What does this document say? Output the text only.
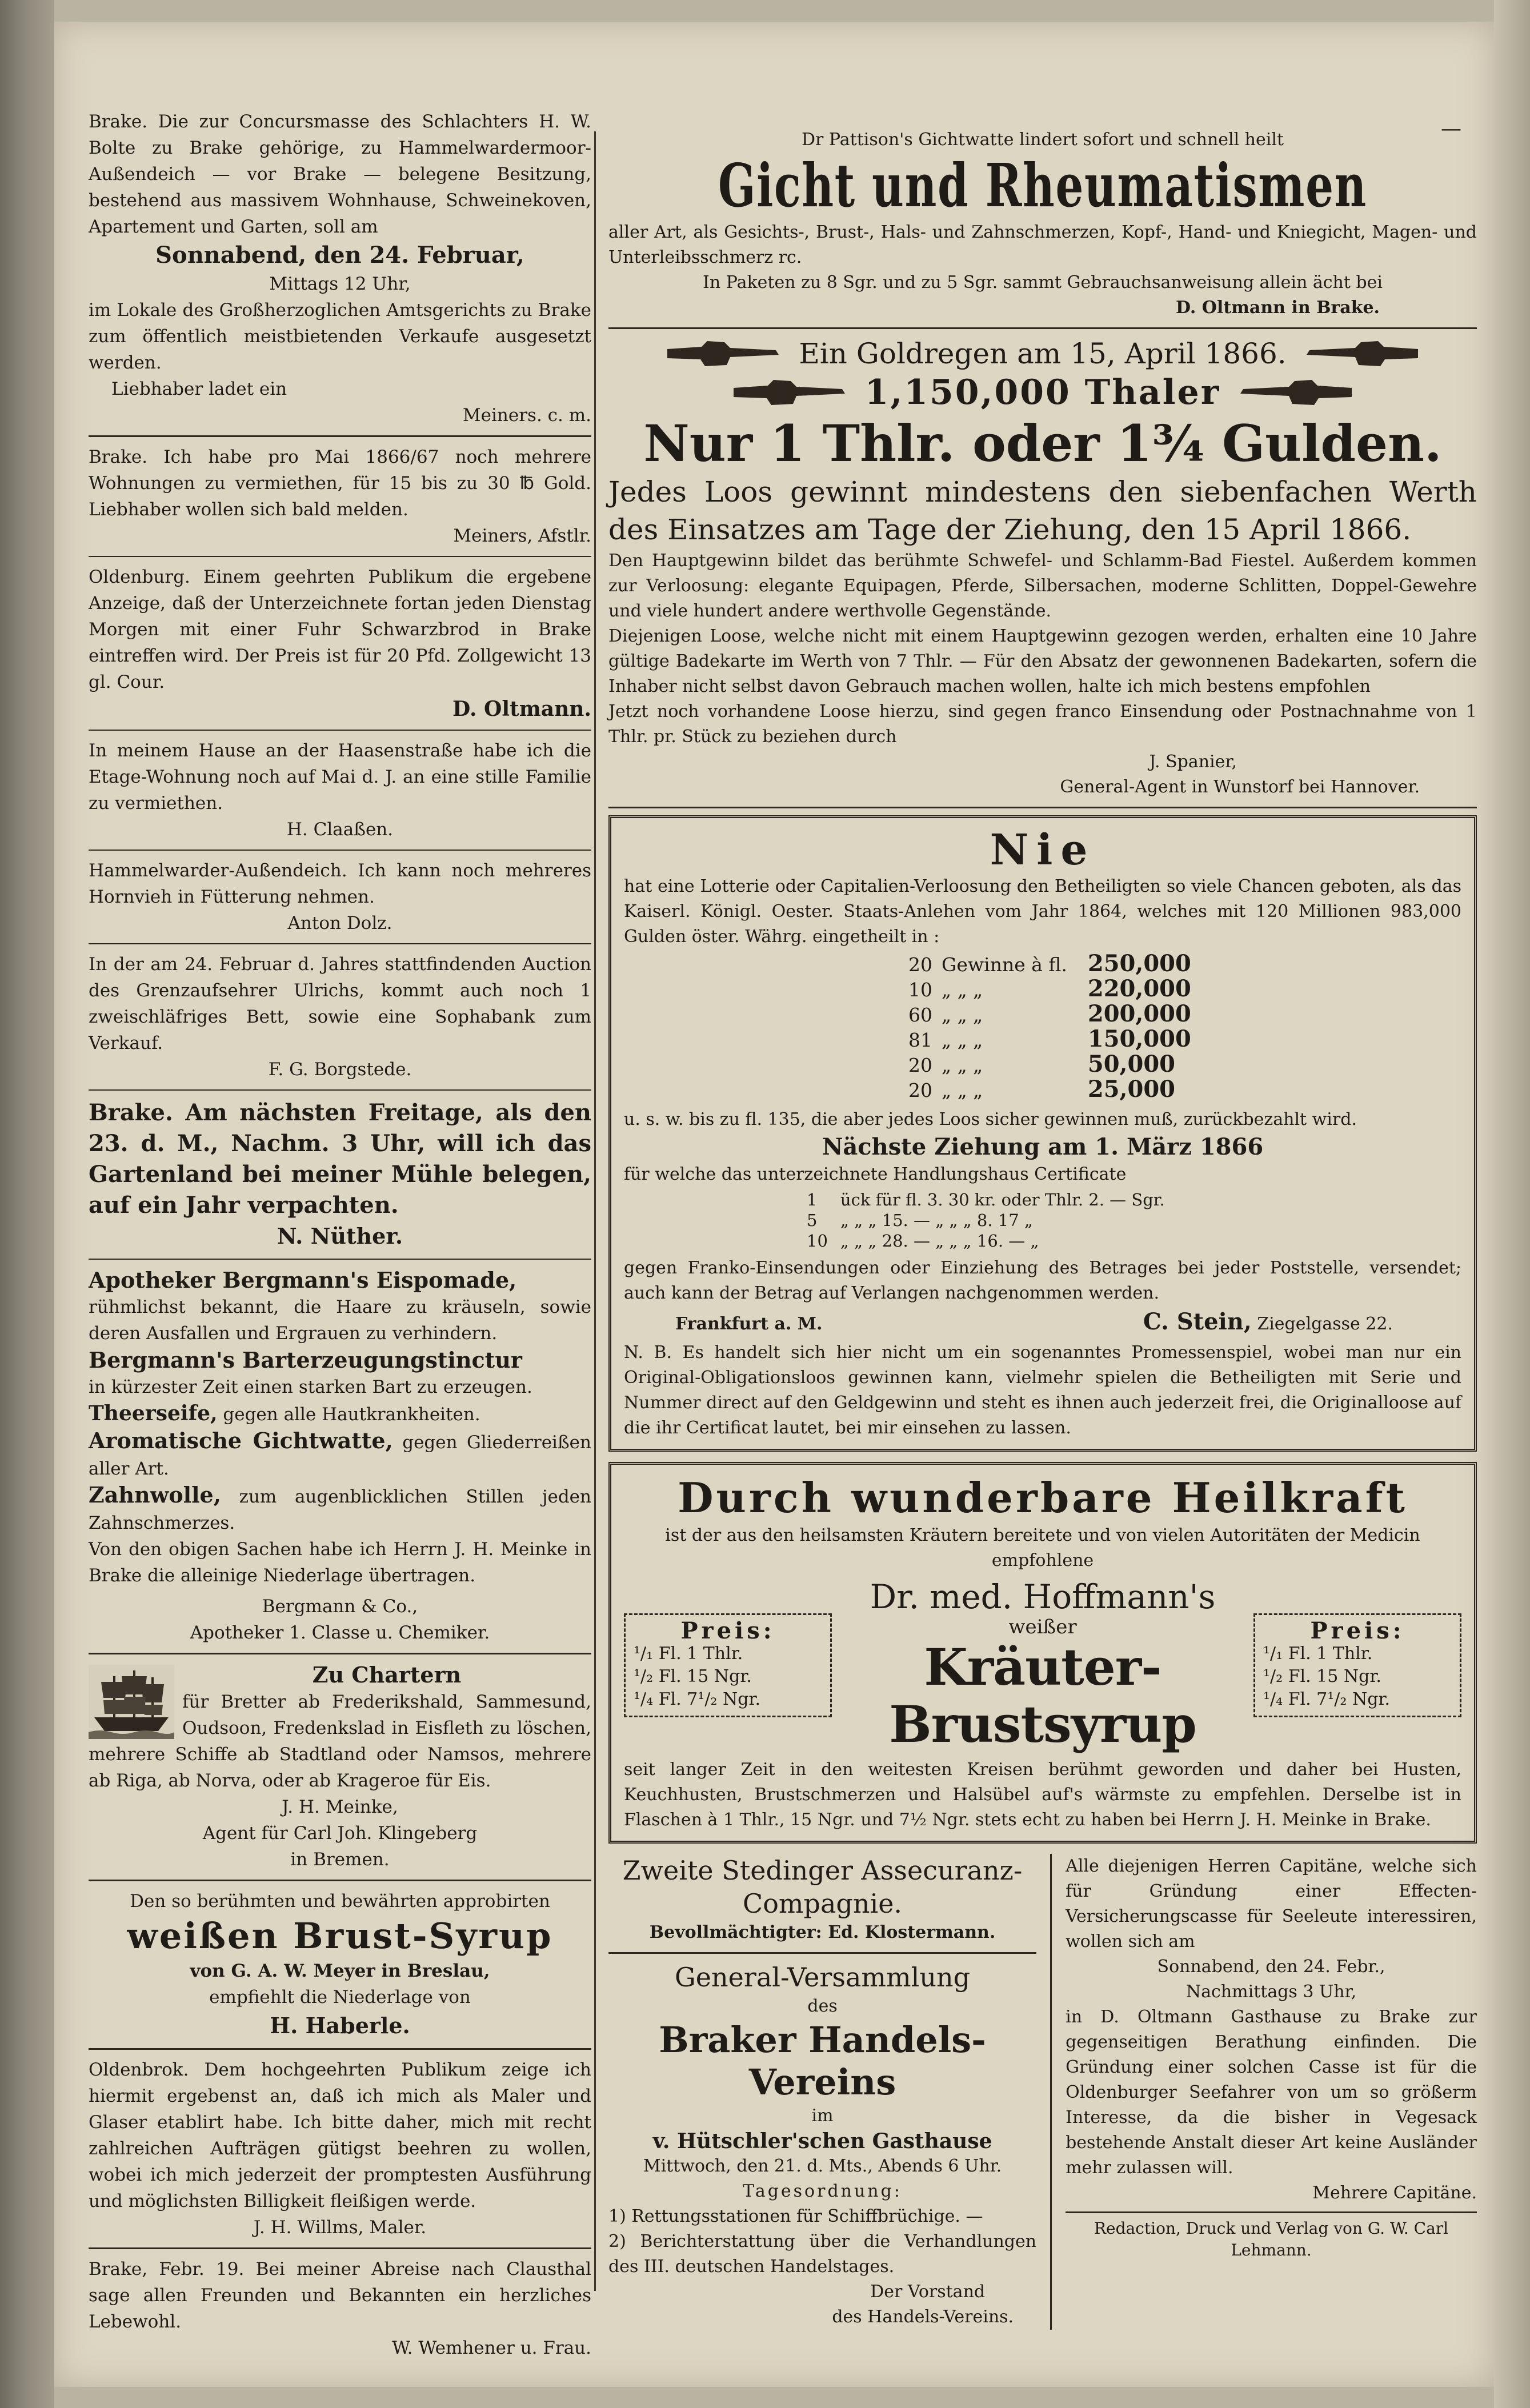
—

Brake. Die zur Concursmasse des Schlachters H. W. Bolte zu Brake gehörige, zu Hammelwardermoor-Außendeich — vor Brake — belegene Besitzung, bestehend aus massivem Wohnhause, Schweinekoven, Apartement und Garten, soll am

Sonnabend, den 24. Februar,

Mittags 12 Uhr,

im Lokale des Großherzoglichen Amtsgerichts zu Brake zum öffentlich meistbietenden Verkaufe ausgesetzt werden.

Liebhaber ladet ein

Meiners. c. m.

Brake. Ich habe pro Mai 1866/67 noch mehrere Wohnungen zu vermiethen, für 15 bis zu 30 ℔ Gold. Liebhaber wollen sich bald melden.

Meiners, Afstlr.

Oldenburg. Einem geehrten Publikum die ergebene Anzeige, daß der Unterzeichnete fortan jeden Dienstag Morgen mit einer Fuhr Schwarzbrod in Brake eintreffen wird. Der Preis ist für 20 Pfd. Zollgewicht 13 gl. Cour.

D. Oltmann.

In meinem Hause an der Haasenstraße habe ich die Etage-Wohnung noch auf Mai d. J. an eine stille Familie zu vermiethen.

H. Claaßen.

Hammelwarder-Außendeich. Ich kann noch mehreres Hornvieh in Fütterung nehmen.

Anton Dolz.

In der am 24. Februar d. Jahres stattfindenden Auction des Grenzaufsehrer Ulrichs, kommt auch noch 1 zweischläfriges Bett, sowie eine Sophabank zum Verkauf.

F. G. Borgstede.

Brake. Am nächsten Freitage, als den 23. d. M., Nachm. 3 Uhr, will ich das Gartenland bei meiner Mühle belegen, auf ein Jahr verpachten.

N. Nüther.

Apotheker Bergmann's Eispomade,

rühmlichst bekannt, die Haare zu kräuseln, sowie deren Ausfallen und Ergrauen zu verhindern.

Bergmann's Barterzeugungstinctur

in kürzester Zeit einen starken Bart zu erzeugen.

Theerseife, gegen alle Hautkrankheiten.

Aromatische Gichtwatte, gegen Gliederreißen aller Art.

Zahnwolle, zum augenblicklichen Stillen jeden Zahnschmerzes.

Von den obigen Sachen habe ich Herrn J. H. Meinke in Brake die alleinige Niederlage übertragen.

Bergmann & Co.,

Apotheker 1. Classe u. Chemiker.

Zu Chartern

für Bretter ab Frederikshald, Sammesund, Oudsoon, Fredenkslad in Eisfleth zu löschen, mehrere Schiffe ab Stadtland oder Namsos, mehrere ab Riga, ab Norva, oder ab Krageroe für Eis.

J. H. Meinke,

Agent für Carl Joh. Klingeberg

in Bremen.

Den so berühmten und bewährten approbirten

weißen Brust-Syrup

von G. A. W. Meyer in Breslau,

empfiehlt die Niederlage von

H. Haberle.

Oldenbrok. Dem hochgeehrten Publikum zeige ich hiermit ergebenst an, daß ich mich als Maler und Glaser etablirt habe. Ich bitte daher, mich mit recht zahlreichen Aufträgen gütigst beehren zu wollen, wobei ich mich jederzeit der promptesten Ausführung und möglichsten Billigkeit fleißigen werde.

J. H. Willms, Maler.

Brake, Febr. 19. Bei meiner Abreise nach Clausthal sage allen Freunden und Bekannten ein herzliches Lebewohl.

W. Wemhener u. Frau.

Dr Pattison's Gichtwatte lindert sofort und schnell heilt

Gicht und Rheumatismen

aller Art, als Gesichts-, Brust-, Hals- und Zahnschmerzen, Kopf-, Hand- und Kniegicht, Magen- und Unterleibsschmerz rc.

In Paketen zu 8 Sgr. und zu 5 Sgr. sammt Gebrauchsanweisung allein ächt bei

D. Oltmann in Brake.

Ein Goldregen am 15, April 1866.
1,150,000 Thaler

Nur 1 Thlr. oder 1¾ Gulden.

Jedes Loos gewinnt mindestens den siebenfachen Werth des Einsatzes am Tage der Ziehung, den 15 April 1866.

Den Hauptgewinn bildet das berühmte Schwefel- und Schlamm-Bad Fiestel. Außerdem kommen zur Verloosung: elegante Equipagen, Pferde, Silbersachen, moderne Schlitten, Doppel-Gewehre und viele hundert andere werthvolle Gegenstände.

Diejenigen Loose, welche nicht mit einem Hauptgewinn gezogen werden, erhalten eine 10 Jahre gültige Badekarte im Werth von 7 Thlr. — Für den Absatz der gewonnenen Badekarten, sofern die Inhaber nicht selbst davon Gebrauch machen wollen, halte ich mich bestens empfohlen

Jetzt noch vorhandene Loose hierzu, sind gegen franco Einsendung oder Postnachnahme von 1 Thlr. pr. Stück zu beziehen durch

J. Spanier,

General-Agent in Wunstorf bei Hannover.

Nie

hat eine Lotterie oder Capitalien-Verloosung den Betheiligten so viele Chancen geboten, als das Kaiserl. Königl. Oester. Staats-Anlehen vom Jahr 1864, welches mit 120 Millionen 983,000 Gulden öster. Währg. eingetheilt in :

20	Gewinne à fl.	250,000
10	„ „ „	220,000
60	„ „ „	200,000
81	„ „ „	150,000
20	„ „ „	50,000
20	„ „ „	25,000

u. s. w. bis zu fl. 135, die aber jedes Loos sicher gewinnen muß, zurückbezahlt wird.

Nächste Ziehung am 1. März 1866

für welche das unterzeichnete Handlungshaus Certificate

1	ück für fl. 3. 30 kr. oder Thlr. 2. — Sgr.
5	„ „ „ 15. — „ „ „ 8. 17 „
10	„ „ „ 28. — „ „ „ 16. — „

gegen Franko-Einsendungen oder Einziehung des Betrages bei jeder Poststelle, versendet; auch kann der Betrag auf Verlangen nachgenommen werden.

Frankfurt a. M.	C. Stein, Ziegelgasse 22.

N. B. Es handelt sich hier nicht um ein sogenanntes Promessenspiel, wobei man nur ein Original-Obligationsloos gewinnen kann, vielmehr spielen die Betheiligten mit Serie und Nummer direct auf den Geldgewinn und steht es ihnen auch jederzeit frei, die Originalloose auf die ihr Certificat lautet, bei mir einsehen zu lassen.

Durch wunderbare Heilkraft

ist der aus den heilsamsten Kräutern bereitete und von vielen Autoritäten der Medicin empfohlene

Preis:
¹/₁ Fl. 1 Thlr.
¹/₂ Fl. 15 Ngr.
¹/₄ Fl. 7¹/₂ Ngr.
Dr. med. Hoffmann's
weißer
Kräuter-Brustsyrup
Preis:
¹/₁ Fl. 1 Thlr.
¹/₂ Fl. 15 Ngr.
¹/₄ Fl. 7¹/₂ Ngr.

seit langer Zeit in den weitesten Kreisen berühmt geworden und daher bei Husten, Keuchhusten, Brustschmerzen und Halsübel auf's wärmste zu empfehlen. Derselbe ist in Flaschen à 1 Thlr., 15 Ngr. und 7½ Ngr. stets echt zu haben bei Herrn J. H. Meinke in Brake.

Zweite Stedinger Assecuranz-

Compagnie.

Bevollmächtigter: Ed. Klostermann.

General-Versammlung

des

Braker Handels-Vereins

im

v. Hütschler'schen Gasthause

Mittwoch, den 21. d. Mts., Abends 6 Uhr.

Tagesordnung:

1) Rettungsstationen für Schiffbrüchige. —

2) Berichterstattung über die Verhandlungen des III. deutschen Handelstages.

Der Vorstand

des Handels-Vereins.

Alle diejenigen Herren Capitäne, welche sich für Gründung einer Effecten-Versicherungscasse für Seeleute interessiren, wollen sich am

Sonnabend, den 24. Febr.,

Nachmittags 3 Uhr,

in D. Oltmann Gasthause zu Brake zur gegenseitigen Berathung einfinden. Die Gründung einer solchen Casse ist für die Oldenburger Seefahrer von um so größerm Interesse, da die bisher in Vegesack bestehende Anstalt dieser Art keine Ausländer mehr zulassen will.

Mehrere Capitäne.

Redaction, Druck und Verlag von G. W. Carl Lehmann.
